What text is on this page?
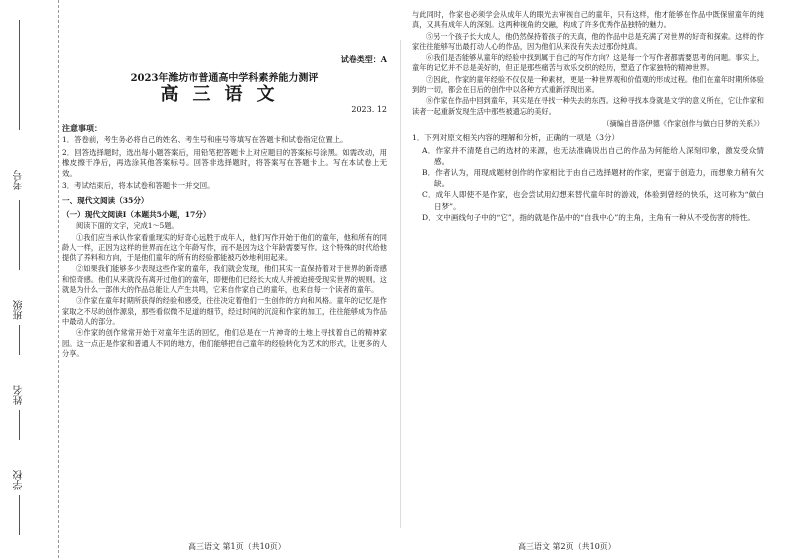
考号
班级
姓名
学校
试卷类型：A
2023年潍坊市普通高中学科素养能力测评
高三语文
2023. 12
注意事项：

1．答卷前，考生务必将自己的姓名、考生号和座号等填写在答题卡和试卷指定位置上。

2．回答选择题时，选出每小题答案后，用铅笔把答题卡上对应题目的答案标号涂黑。如需改动，用橡皮擦干净后，再选涂其他答案标号。回答非选择题时，将答案写在答题卡上。写在本试卷上无效。

3．考试结束后，将本试卷和答题卡一并交回。

一、现代文阅读（35分）
（一）现代文阅读Ⅰ（本题共5小题，17分）
阅读下面的文字，完成1～5题。

①我们应当承认作家看重现实的好奇心远胜于成年人，他们写作开始于他们的童年，他和所有的同龄人一样，正因为这样的世界而在这个年龄写作，而不是因为这个年龄需要写作。这个特殊的时代给他提供了养料和方向，于是他们童年的所有的经验都能被巧妙地利用起来。

②如果我们能够多少表现这些作家的童年，我们就会发现，他们其实一直保持着对于世界的新奇感和惊奇感。他们从来就没有离开过他们的童年，即便他们已经长大成人并被迫接受现实世界的规则。这就是为什么一部伟大的作品总能让人产生共鸣，它来自作家自己的童年，也来自每一个读者的童年。

③作家在童年时期所获得的经验和感受，往往决定着他们一生创作的方向和风格。童年的记忆是作家取之不尽的创作源泉，那些看似微不足道的细节，经过时间的沉淀和作家的加工，往往能够成为作品中最动人的部分。

④作家的创作常常开始于对童年生活的回忆，他们总是在一片神奇的土地上寻找着自己的精神家园。这一点正是作家和普通人不同的地方，他们能够把自己童年的经验转化为艺术的形式，让更多的人分享。

与此同时，作家也必须学会从成年人的眼光去审视自己的童年，只有这样，他才能够在作品中既保留童年的纯真，又具有成年人的深刻。这两种视角的交融，构成了许多优秀作品独特的魅力。

⑤另一个孩子长大成人，他仍然保持着孩子的天真，他的作品中总是充满了对世界的好奇和探索。这样的作家往往能够写出最打动人心的作品，因为他们从来没有失去过那份纯真。

⑥我们是否能够从童年的经验中找到属于自己的写作方向？这是每一个写作者都需要思考的问题。事实上，童年的记忆并不总是美好的，但正是那些痛苦与欢乐交织的经历，塑造了作家独特的精神世界。

⑦因此，作家的童年经验不仅仅是一种素材，更是一种世界观和价值观的形成过程。他们在童年时期所体验到的一切，都会在日后的创作中以各种方式重新浮现出来。

⑧作家在作品中回到童年，其实是在寻找一种失去的东西。这种寻找本身就是文学的意义所在，它让作家和读者一起重新发现生活中那些被遗忘的美好。

（摘编自普洛伊德《作家创作与做白日梦的关系》）

1．下列对原文相关内容的理解和分析，正确的一项是（3分）

A．作家并不清楚自己的选材的来源，也无法准确说出自己的作品为何能给人深刻印象，激发受众情感。

B．作者认为，用现成题材创作的作家相比于由自己选择题材的作家，更富于创造力，而想象力稍有欠缺。

C．成年人即使不是作家，也会尝试用幻想来替代童年时的游戏，体验到曾经的快乐，这可称为“做白日梦”。

D．文中画线句子中的“它”，指的就是作品中的“自我中心”的主角，主角有一种从不受伤害的特性。

高三语文 第1页（共10页）	高三语文 第2页（共10页）
